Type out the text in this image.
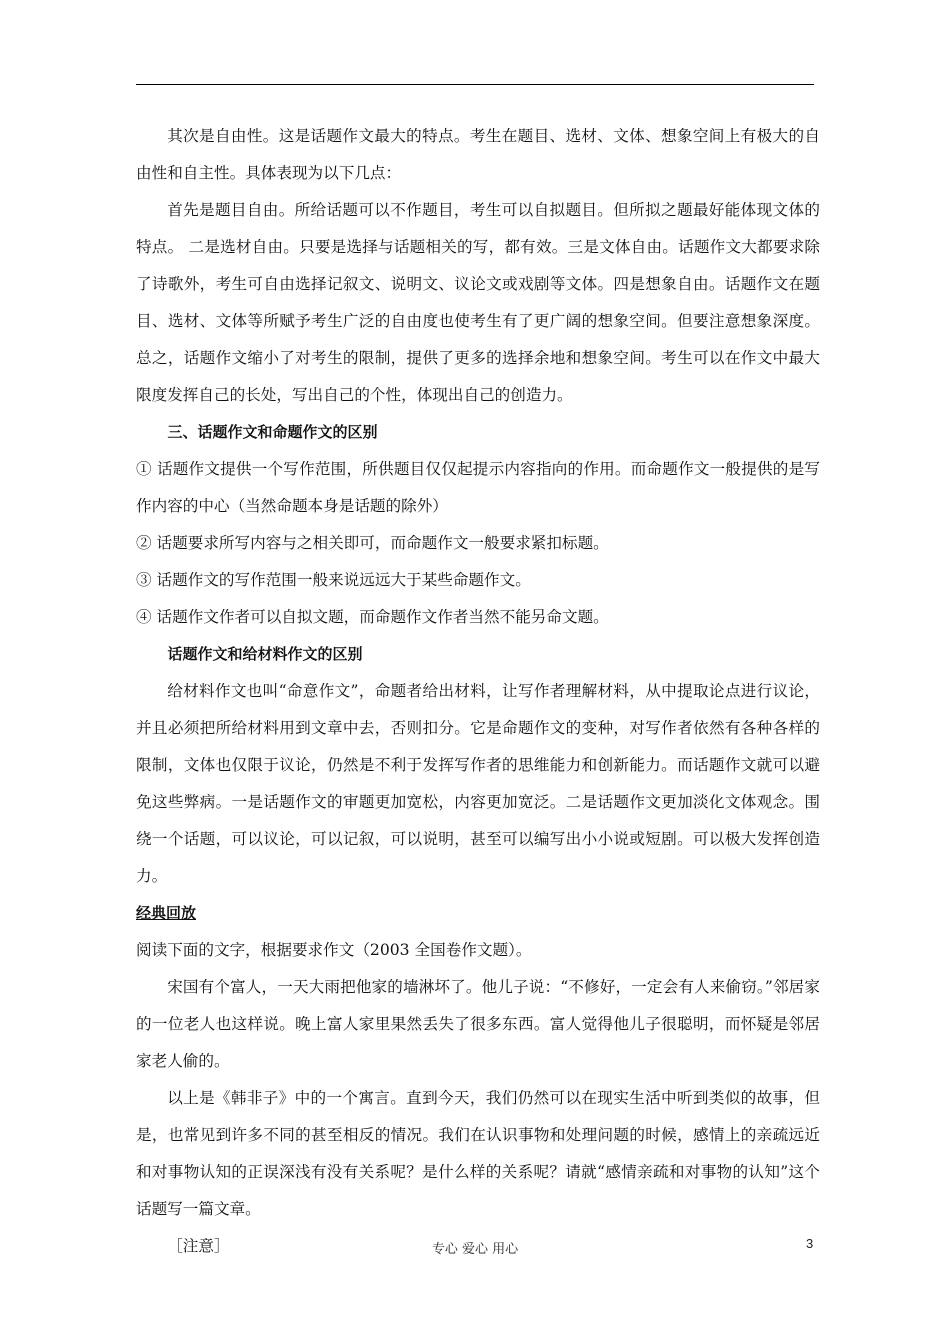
其次是自由性。这是话题作文最大的特点。考生在题目、选材、文体、想象空间上有极大的自由性和自主性。具体表现为以下几点：

首先是题目自由。所给话题可以不作题目，考生可以自拟题目。但所拟之题最好能体现文体的特点。 二是选材自由。只要是选择与话题相关的写，都有效。三是文体自由。话题作文大都要求除了诗歌外，考生可自由选择记叙文、说明文、议论文或戏剧等文体。四是想象自由。话题作文在题目、选材、文体等所赋予考生广泛的自由度也使考生有了更广阔的想象空间。但要注意想象深度。总之，话题作文缩小了对考生的限制，提供了更多的选择余地和想象空间。考生可以在作文中最大限度发挥自己的长处，写出自己的个性，体现出自己的创造力。

三、话题作文和命题作文的区别

① 话题作文提供一个写作范围，所供题目仅仅起提示内容指向的作用。而命题作文一般提供的是写作内容的中心（当然命题本身是话题的除外）

② 话题要求所写内容与之相关即可，而命题作文一般要求紧扣标题。

③ 话题作文的写作范围一般来说远远大于某些命题作文。

④ 话题作文作者可以自拟文题，而命题作文作者当然不能另命文题。

话题作文和给材料作文的区别

给材料作文也叫“命意作文”，命题者给出材料，让写作者理解材料，从中提取论点进行议论，并且必须把所给材料用到文章中去，否则扣分。它是命题作文的变种，对写作者依然有各种各样的限制，文体也仅限于议论，仍然是不利于发挥写作者的思维能力和创新能力。而话题作文就可以避免这些弊病。一是话题作文的审题更加宽松，内容更加宽泛。二是话题作文更加淡化文体观念。围绕一个话题，可以议论，可以记叙，可以说明，甚至可以编写出小小说或短剧。可以极大发挥创造力。

经典回放

阅读下面的文字，根据要求作文（2003 全国卷作文题）。

宋国有个富人，一天大雨把他家的墙淋坏了。他儿子说：“不修好，一定会有人来偷窃。”邻居家的一位老人也这样说。晚上富人家里果然丢失了很多东西。富人觉得他儿子很聪明，而怀疑是邻居家老人偷的。

以上是《韩非子》中的一个寓言。直到今天，我们仍然可以在现实生活中听到类似的故事，但是，也常见到许多不同的甚至相反的情况。我们在认识事物和处理问题的时候，感情上的亲疏远近和对事物认知的正误深浅有没有关系呢？是什么样的关系呢？请就“感情亲疏和对事物的认知”这个话题写一篇文章。

［注意］	专心 爱心 用心	3
